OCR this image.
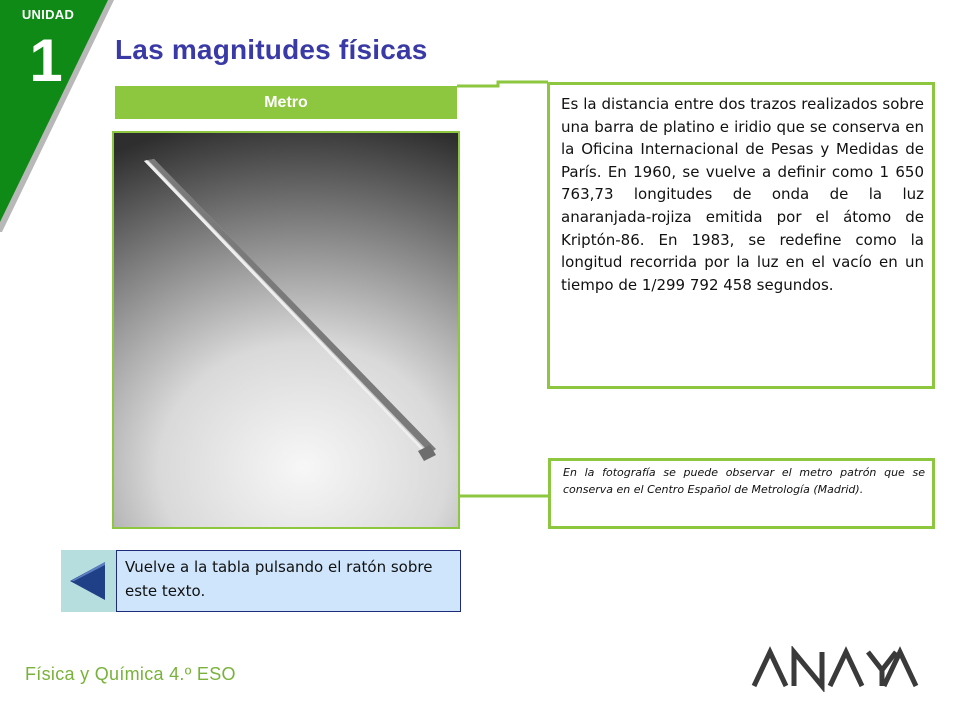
UNIDAD
1	Las magnitudes físicas
Metro	Es la distancia entre dos trazos realizados sobre una barra de platino e iridio que se conserva en la Oficina Internacional de Pesas y Medidas de París. En 1960, se vuelve a definir como 1 650 763,73 longitudes de onda de la luz anaranjada-rojiza emitida por el átomo de Kriptón-86. En 1983, se redefine como la longitud recorrida por la luz en el vacío en un tiempo de 1/299 792 458 segundos.

En la fotografía se puede observar el metro patrón que se conserva en el Centro Español de Metrología (Madrid).

Vuelve a la tabla pulsando el ratón sobre este texto.
Física y Química 4.º ESO
